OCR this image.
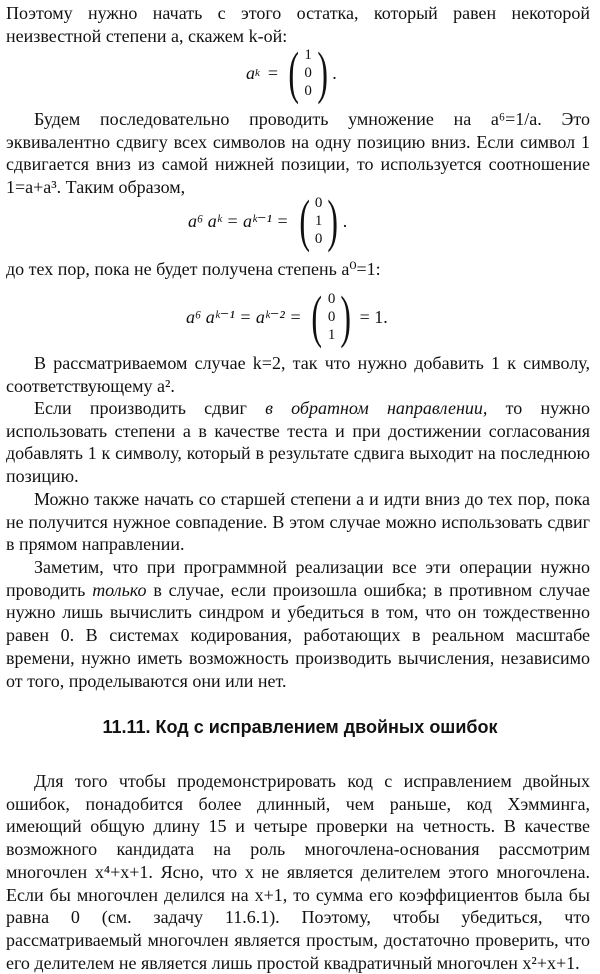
Поэтому нужно начать с этого остатка, который равен некоторой неизвестной степени a, скажем k-ой:

a k = ( 1
0
0 ) .

Будем последовательно проводить умножение на a⁶=1/a. Это эквивалентно сдвигу всех символов на одну позицию вниз. Если символ 1 сдвигается вниз из самой нижней позиции, то используется соотношение 1=a+a³. Таким образом,

a⁶ aᵏ = aᵏ⁻¹ = ( 0
1
0 ) .

до тех пор, пока не будет получена степень a⁰=1:

a⁶ aᵏ⁻¹ = aᵏ⁻² = ( 0
0
1 ) = 1.

В рассматриваемом случае k=2, так что нужно добавить 1 к символу, соответствующему a².

Если производить сдвиг в обратном направлении, то нужно использовать степени a в качестве теста и при достижении согласования добавлять 1 к символу, который в результате сдвига выходит на последнюю позицию.

Можно также начать со старшей степени a и идти вниз до тех пор, пока не получится нужное совпадение. В этом случае можно использовать сдвиг в прямом направлении.

Заметим, что при программной реализации все эти операции нужно проводить только в случае, если произошла ошибка; в противном случае нужно лишь вычислить синдром и убедиться в том, что он тождественно равен 0. В системах кодирования, работающих в реальном масштабе времени, нужно иметь возможность производить вычисления, независимо от того, проделываются они или нет.

11.11. Код с исправлением двойных ошибок

Для того чтобы продемонстрировать код с исправлением двойных ошибок, понадобится более длинный, чем раньше, код Хэмминга, имеющий общую длину 15 и четыре проверки на четность. В качестве возможного кандидата на роль многочлена-основания рассмотрим многочлен x⁴+x+1. Ясно, что x не является делителем этого многочлена. Если бы многочлен делился на x+1, то сумма его коэффициентов была бы равна 0 (см. задачу 11.6.1). Поэтому, чтобы убедиться, что рассматриваемый многочлен является простым, достаточно проверить, что его делителем не является лишь простой квадратичный многочлен x²+x+1.
